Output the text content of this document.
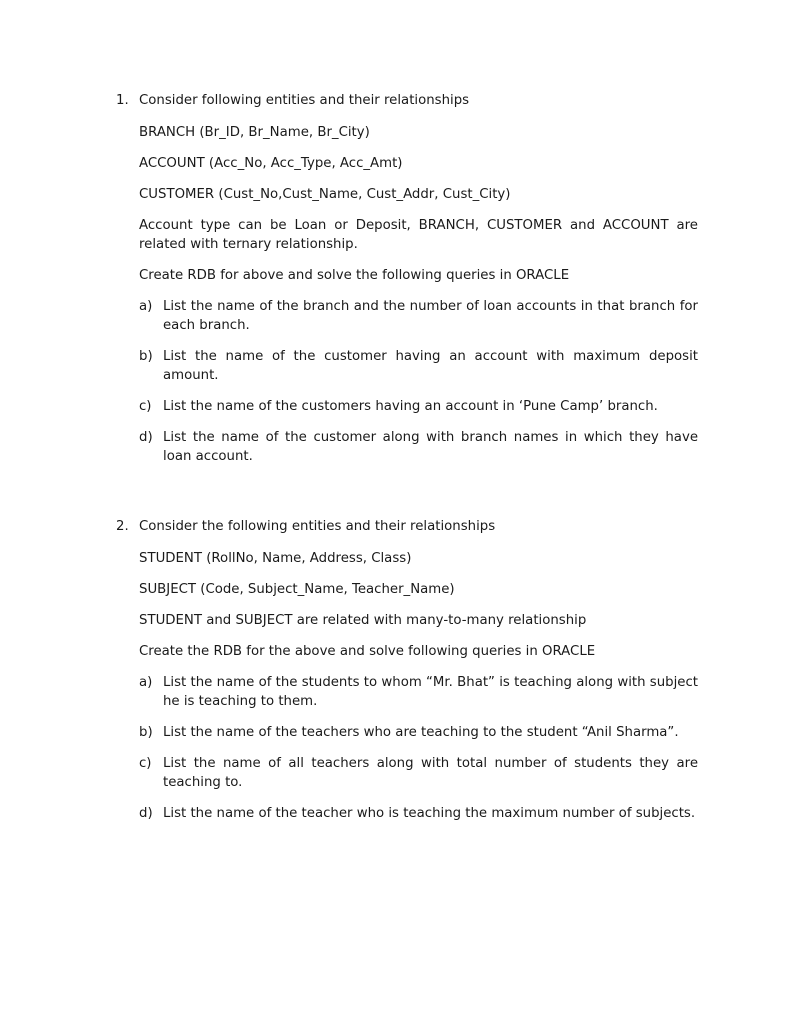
1. Consider following entities and their relationships
BRANCH (Br_ID, Br_Name, Br_City)
ACCOUNT (Acc_No, Acc_Type, Acc_Amt)
CUSTOMER (Cust_No,Cust_Name, Cust_Addr, Cust_City)
Account type can be Loan or Deposit, BRANCH, CUSTOMER and ACCOUNT are related with ternary relationship.
Create RDB for above and solve the following queries in ORACLE
a) List the name of the branch and the number of loan accounts in that branch for each branch.
b) List the name of the customer having an account with maximum deposit amount.
c) List the name of the customers having an account in ‘Pune Camp’ branch.
d) List the name of the customer along with branch names in which they have loan account.
2. Consider the following entities and their relationships
STUDENT (RollNo, Name, Address, Class)
SUBJECT (Code, Subject_Name, Teacher_Name)
STUDENT and SUBJECT are related with many-to-many relationship
Create the RDB for the above and solve following queries in ORACLE
a) List the name of the students to whom “Mr. Bhat” is teaching along with subject he is teaching to them.
b) List the name of the teachers who are teaching to the student “Anil Sharma”.
c) List the name of all teachers along with total number of students they are teaching to.
d) List the name of the teacher who is teaching the maximum number of subjects.
